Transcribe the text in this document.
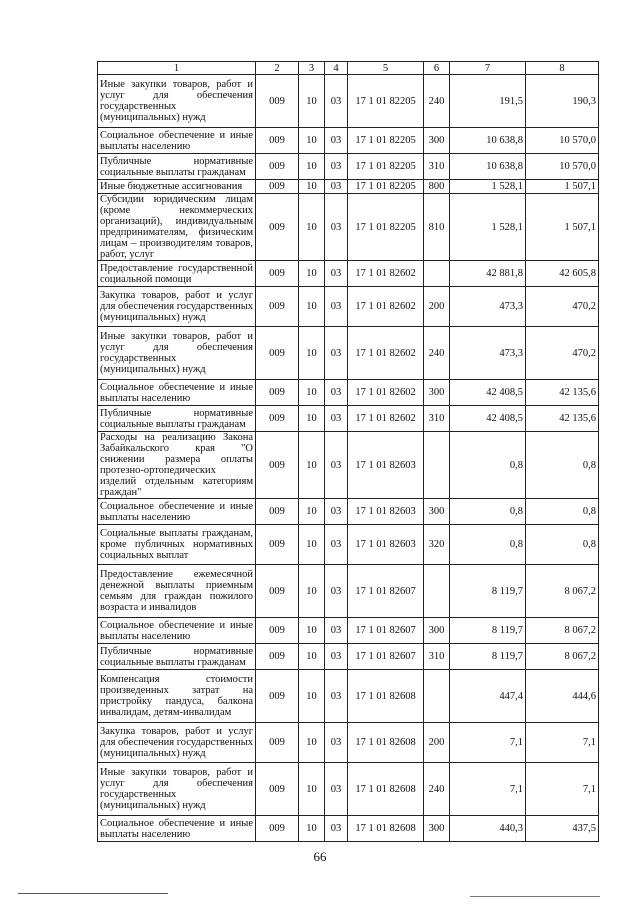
1	2	3	4	5	6	7	8
Иные закупки товаров, работ и услуг для обеспечения государственных (муниципальных) нужд	009	10	03	17 1 01 82205	240	191,5	190,3
Социальное обеспечение и иные выплаты населению	009	10	03	17 1 01 82205	300	10 638,8	10 570,0
Публичные нормативные социальные выплаты гражданам	009	10	03	17 1 01 82205	310	10 638,8	10 570,0
Иные бюджетные ассигнования	009	10	03	17 1 01 82205	800	1 528,1	1 507,1
Субсидии юридическим лицам (кроме некоммерческих организаций), индивидуальным предпринимателям, физическим лицам – производителям товаров, работ, услуг	009	10	03	17 1 01 82205	810	1 528,1	1 507,1
Предоставление государственной социальной помощи	009	10	03	17 1 01 82602		42 881,8	42 605,8
Закупка товаров, работ и услуг для обеспечения государственных (муниципальных) нужд	009	10	03	17 1 01 82602	200	473,3	470,2
Иные закупки товаров, работ и услуг для обеспечения государственных (муниципальных) нужд	009	10	03	17 1 01 82602	240	473,3	470,2
Социальное обеспечение и иные выплаты населению	009	10	03	17 1 01 82602	300	42 408,5	42 135,6
Публичные нормативные социальные выплаты гражданам	009	10	03	17 1 01 82602	310	42 408,5	42 135,6
Расходы на реализацию Закона Забайкальского края "О снижении размера оплаты протезно-ортопедических изделий отдельным категориям граждан"	009	10	03	17 1 01 82603		0,8	0,8
Социальное обеспечение и иные выплаты населению	009	10	03	17 1 01 82603	300	0,8	0,8
Социальные выплаты гражданам, кроме публичных нормативных социальных выплат	009	10	03	17 1 01 82603	320	0,8	0,8
Предоставление ежемесячной денежной выплаты приемным семьям для граждан пожилого возраста и инвалидов	009	10	03	17 1 01 82607		8 119,7	8 067,2
Социальное обеспечение и иные выплаты населению	009	10	03	17 1 01 82607	300	8 119,7	8 067,2
Публичные нормативные социальные выплаты гражданам	009	10	03	17 1 01 82607	310	8 119,7	8 067,2
Компенсация стоимости произведенных затрат на пристройку пандуса, балкона инвалидам, детям-инвалидам	009	10	03	17 1 01 82608		447,4	444,6
Закупка товаров, работ и услуг для обеспечения государственных (муниципальных) нужд	009	10	03	17 1 01 82608	200	7,1	7,1
Иные закупки товаров, работ и услуг для обеспечения государственных (муниципальных) нужд	009	10	03	17 1 01 82608	240	7,1	7,1
Социальное обеспечение и иные выплаты населению	009	10	03	17 1 01 82608	300	440,3	437,5
66
